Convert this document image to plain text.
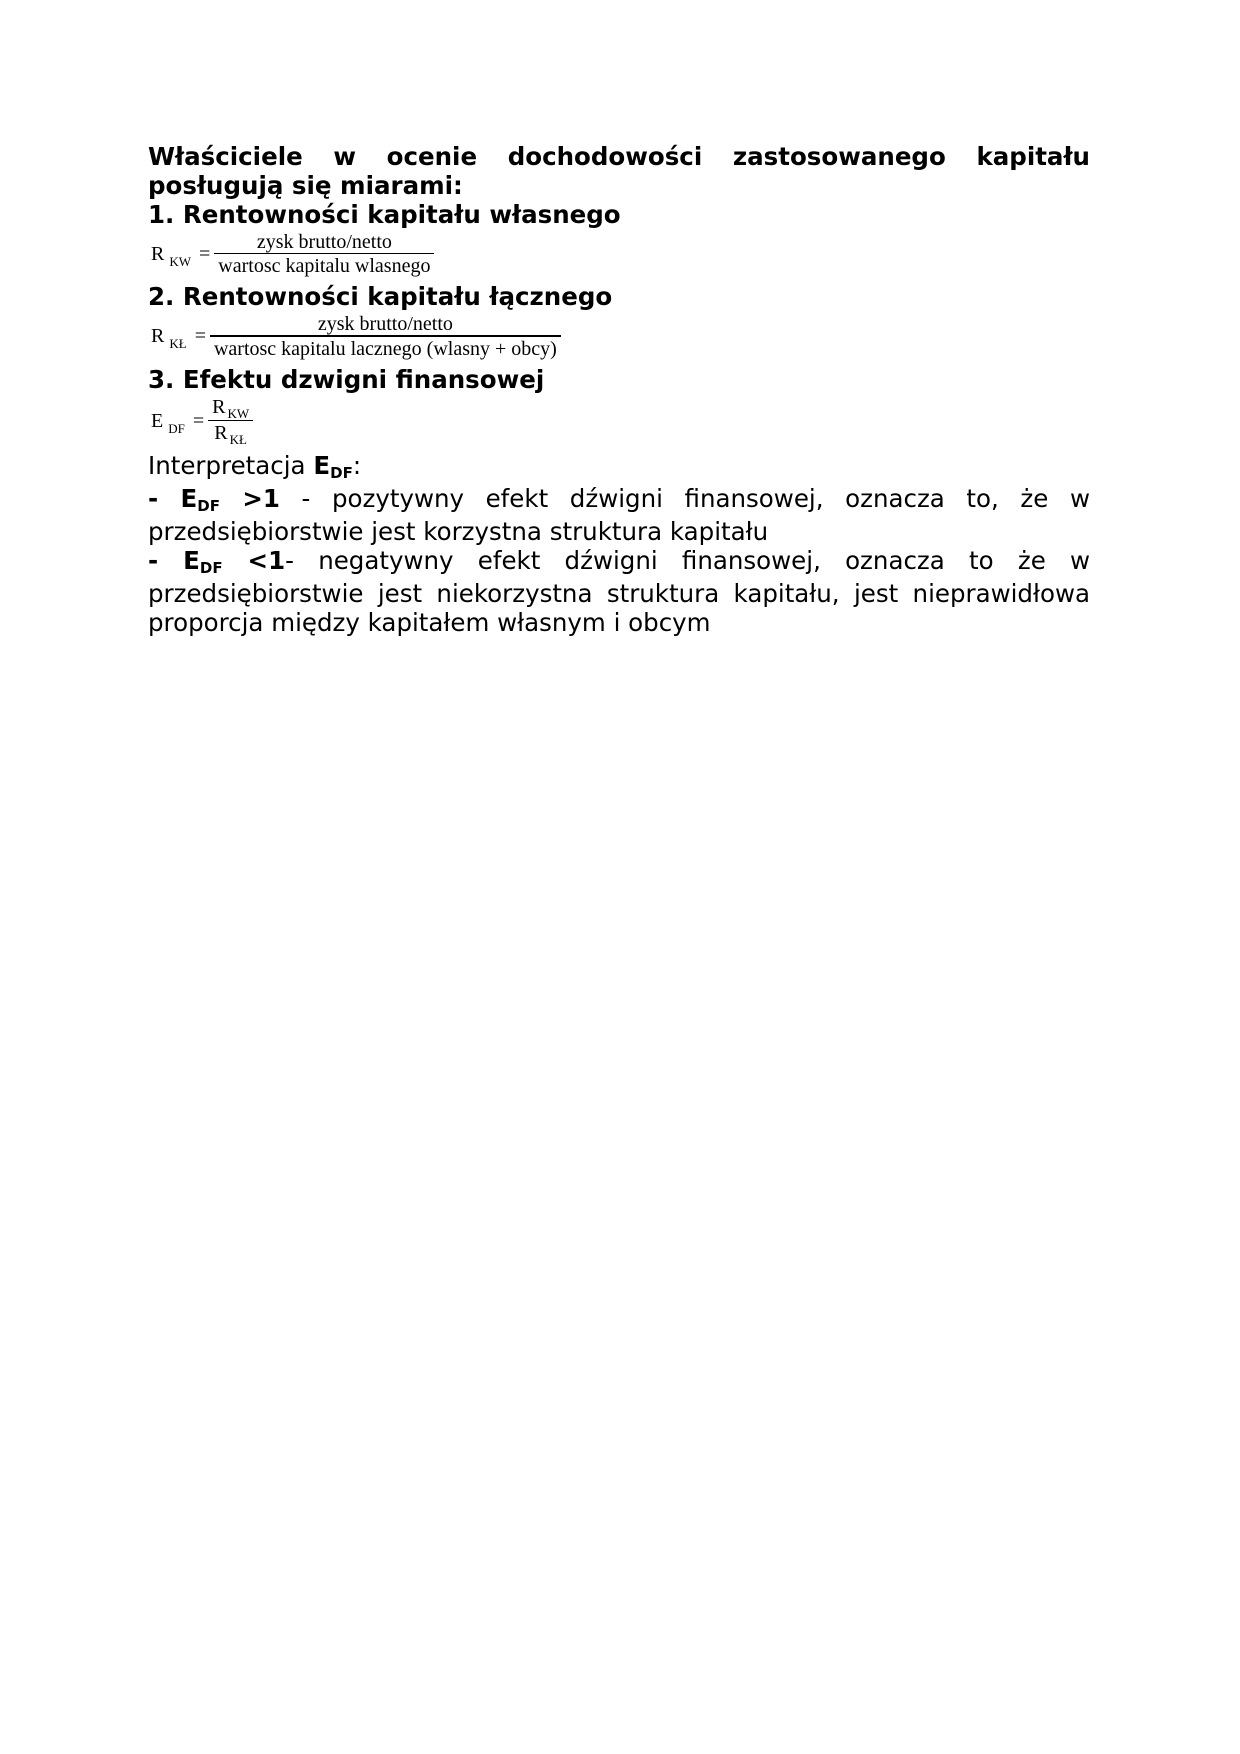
Właściciele w ocenie dochodowości zastosowanego kapitału posługują się miarami:

1. Rentowności kapitału własnego

R KW = $\frac{\text{zysk brutto/netto}}{\text{wartosc kapitalu wlasnego}}$

2. Rentowności kapitału łącznego

R KŁ = $\frac{\text{zysk brutto/netto}}{\text{wartosc kapitalu lacznego (wlasny + obcy)}}$

3. Efektu dzwigni finansowej

E DF = $\frac{R _{KW}}{R _{KŁ}}$

Interpretacja EDF:

- EDF >1 - pozytywny efekt dźwigni finansowej, oznacza to, że w przedsiębiorstwie jest korzystna struktura kapitału

- EDF <1- negatywny efekt dźwigni finansowej, oznacza to że w przedsiębiorstwie jest niekorzystna struktura kapitału, jest nieprawidłowa proporcja między kapitałem własnym i obcym
